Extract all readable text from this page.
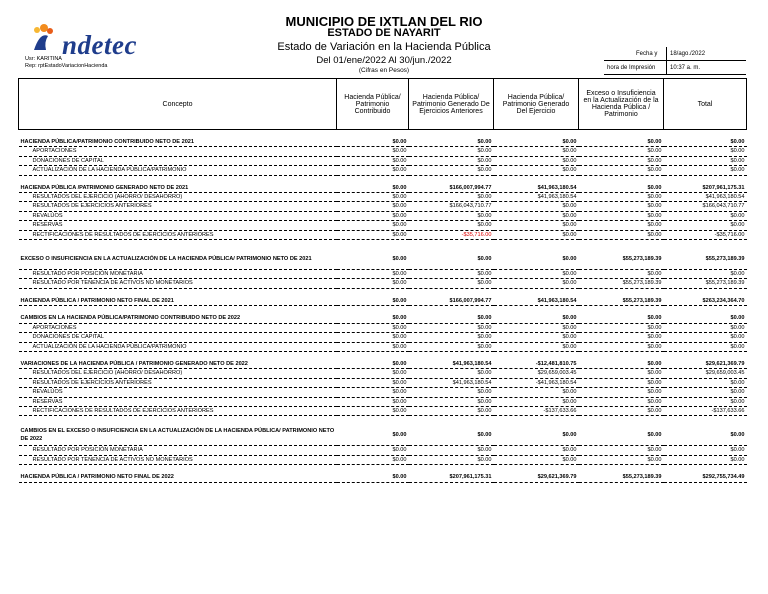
ndetec
Usr: KARITINA
Rep: rptEstadoVariacionHacienda
MUNICIPIO DE IXTLAN DEL RIO
ESTADO DE NAYARIT
Estado de Variación en la Hacienda Pública
Del 01/ene/2022 Al 30/jun./2022
(Cifras en Pesos)
Fecha y 18/ago./2022
hora de Impresión 10:37 a. m.
Concepto	Hacienda Pública/ Patrimonio Contribuido	Hacienda Pública/ Patrimonio Generado De Ejercicios Anteriores	Hacienda Pública/ Patrimonio Generado Del Ejercicio	Exceso o Insuficiencia en la Actualización de la Hacienda Pública / Patrimonio	Total

HACIENDA PÚBLICA/PATRIMONIO CONTRIBUIDO NETO DE 2021	$0.00	$0.00	$0.00	$0.00	$0.00
APORTACIONES	$0.00	$0.00	$0.00	$0.00	$0.00
DONACIONES DE CAPITAL	$0.00	$0.00	$0.00	$0.00	$0.00
ACTUALIZACIÓN DE LA HACIENDA PÚBLICA/PATRIMONIO	$0.00	$0.00	$0.00	$0.00	$0.00

HACIENDA PÚBLICA /PATRIMONIO GENERADO NETO DE 2021	$0.00	$166,007,994.77	$41,963,180.54	$0.00	$207,961,175.31
RESULTADOS DEL EJERCICIO (AHORRO/ DESAHORRO)	$0.00	$0.00	$41,963,180.54	$0.00	$41,963,180.54
RESULTADOS DE EJERCICIOS ANTERIORES	$0.00	$166,043,710.77	$0.00	$0.00	$166,043,710.77
REVALÚOS	$0.00	$0.00	$0.00	$0.00	$0.00
RESERVAS	$0.00	$0.00	$0.00	$0.00	$0.00
RECTIFICACIONES DE RESULTADOS DE EJERCICIOS ANTERIORES	$0.00	-$35,716.00	$0.00	$0.00	-$35,716.00

EXCESO O INSUFICIENCIA EN LA ACTUALIZACIÓN DE LA HACIENDA PÚBLICA/ PATRIMONIO NETO DE 2021	$0.00	$0.00	$0.00	$55,273,189.39	$55,273,189.39
RESULTADO POR POSICIÓN MONETARIA	$0.00	$0.00	$0.00	$0.00	$0.00
RESULTADO POR TENENCIA DE ACTIVOS NO MONETARIOS	$0.00	$0.00	$0.00	$55,273,189.39	$55,273,189.39

HACIENDA PÚBLICA / PATRIMONIO NETO FINAL DE 2021	$0.00	$166,007,994.77	$41,963,180.54	$55,273,189.39	$263,234,364.70

CAMBIOS EN LA HACIENDA PÚBLICA/PATRIMONIO CONTRIBUIDO NETO DE 2022	$0.00	$0.00	$0.00	$0.00	$0.00
APORTACIONES	$0.00	$0.00	$0.00	$0.00	$0.00
DONACIONES DE CAPITAL	$0.00	$0.00	$0.00	$0.00	$0.00
ACTUALIZACIÓN DE LA HACIENDA PÚBLICA/PATRIMONIO	$0.00	$0.00	$0.00	$0.00	$0.00

VARIACIONES DE LA HACIENDA PÚBLICA / PATRIMONIO GENERADO NETO DE 2022	$0.00	$41,963,180.54	-$12,481,810.75	$0.00	$29,621,369.79
RESULTADOS DEL EJERCICIO (AHORRO/ DESAHORRO)	$0.00	$0.00	$29,659,003.45	$0.00	$29,659,003.45
RESULTADOS DE EJERCICIOS ANTERIORES	$0.00	$41,963,180.54	-$41,963,180.54	$0.00	$0.00
REVALÚOS	$0.00	$0.00	$0.00	$0.00	$0.00
RESERVAS	$0.00	$0.00	$0.00	$0.00	$0.00
RECTIFICACIONES DE RESULTADOS DE EJERCICIOS ANTERIORES	$0.00	$0.00	-$137,633.66	$0.00	-$137,633.66

CAMBIOS EN EL EXCESO O INSUFICIENCIA EN LA ACTUALIZACIÓN DE LA HACIENDA PÚBLICA/ PATRIMONIO NETO DE 2022	$0.00	$0.00	$0.00	$0.00	$0.00
RESULTADO POR POSICIÓN MONETARIA	$0.00	$0.00	$0.00	$0.00	$0.00
RESULTADO POR TENENCIA DE ACTIVOS NO MONETARIOS	$0.00	$0.00	$0.00	$0.00	$0.00

HACIENDA PÚBLICA / PATRIMONIO NETO FINAL DE 2022	$0.00	$207,961,175.31	$29,621,369.79	$55,273,189.39	$292,755,734.49
